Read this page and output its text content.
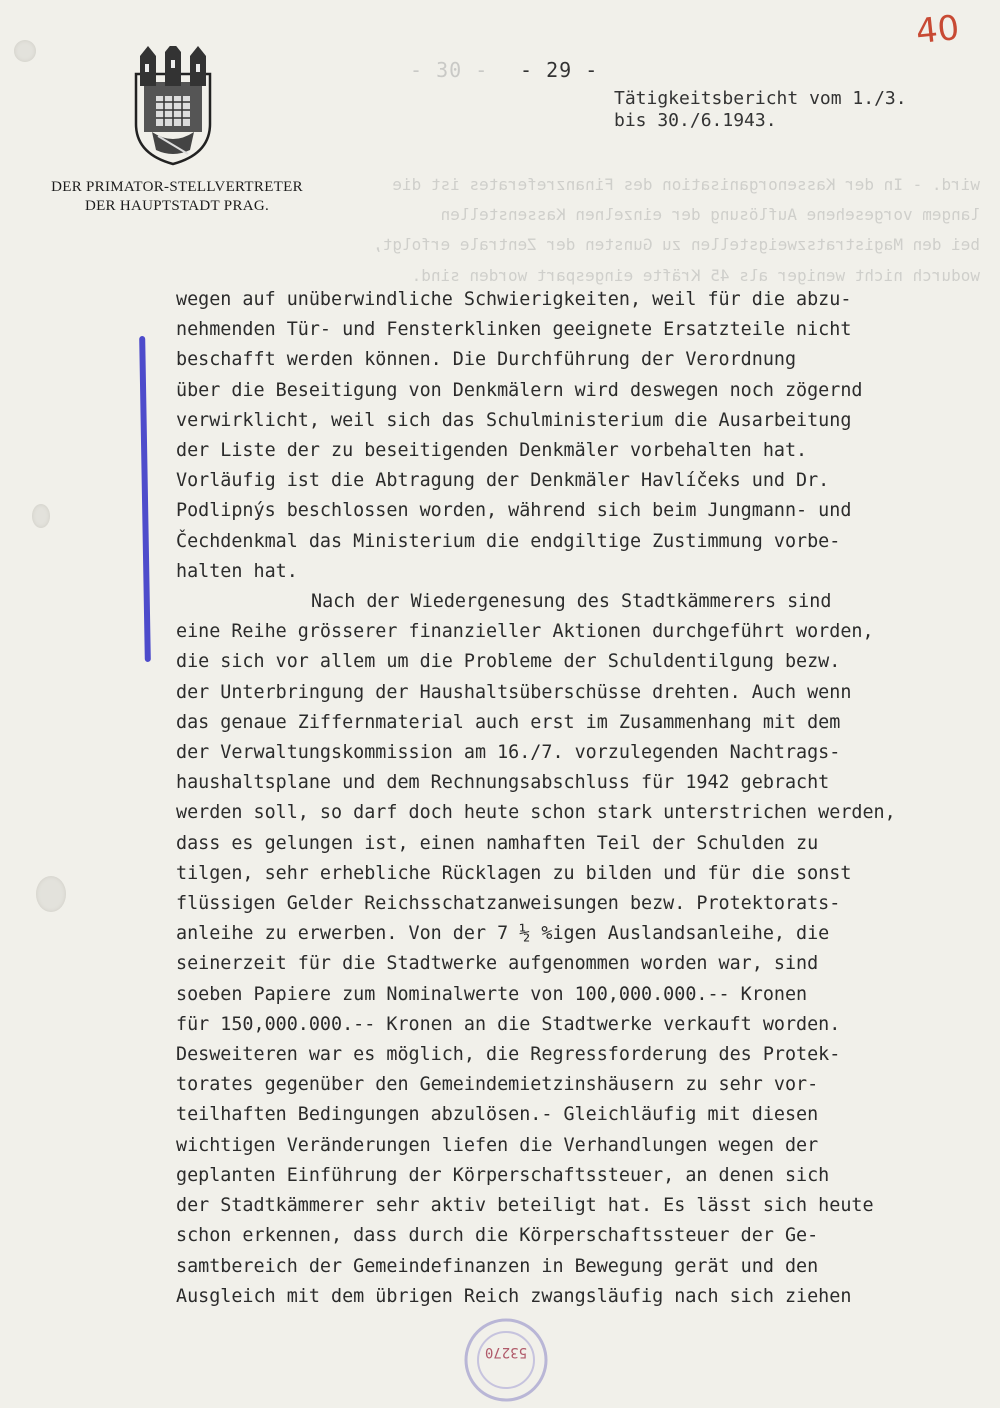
DER PRIMATOR-STELLVERTRETER
DER HAUPTSTADT PRAG.
40
- 30 - - 29 -
Tätigkeitsbericht vom 1./3.
bis 30./6.1943.
wird. - In der Kassenorganisation des Finanzreferates ist die
langem vorgesehene Auflösung der einzelnen Kassenstellen
bei den Magistratszweigstellen zu Gunsten der Zentrale erfolgt,
wodurch nicht weniger als 45 Kräfte eingespart worden sind.
wegen auf unüberwindliche Schwierigkeiten, weil für die abzu-
nehmenden Tür- und Fensterklinken geeignete Ersatzteile nicht
beschafft werden können. Die Durchführung der Verordnung
über die Beseitigung von Denkmälern wird deswegen noch zögernd
verwirklicht, weil sich das Schulministerium die Ausarbeitung
der Liste der zu beseitigenden Denkmäler vorbehalten hat.
Vorläufig ist die Abtragung der Denkmäler Havlíčeks und Dr.
Podlipnýs beschlossen worden, während sich beim Jungmann- und
Čechdenkmal das Ministerium die endgiltige Zustimmung vorbe-
halten hat.
Nach der Wiedergenesung des Stadtkämmerers sind
eine Reihe grösserer finanzieller Aktionen durchgeführt worden,
die sich vor allem um die Probleme der Schuldentilgung bezw.
der Unterbringung der Haushaltsüberschüsse drehten. Auch wenn
das genaue Ziffernmaterial auch erst im Zusammenhang mit dem
der Verwaltungskommission am 16./7. vorzulegenden Nachtrags-
haushaltsplane und dem Rechnungsabschluss für 1942 gebracht
werden soll, so darf doch heute schon stark unterstrichen werden,
dass es gelungen ist, einen namhaften Teil der Schulden zu
tilgen, sehr erhebliche Rücklagen zu bilden und für die sonst
flüssigen Gelder Reichsschatzanweisungen bezw. Protektorats-
anleihe zu erwerben. Von der 7 ½ %igen Auslandsanleihe, die
seinerzeit für die Stadtwerke aufgenommen worden war, sind
soeben Papiere zum Nominalwerte von 100,000.000.-- Kronen
für 150,000.000.-- Kronen an die Stadtwerke verkauft worden.
Desweiteren war es möglich, die Regressforderung des Protek-
torates gegenüber den Gemeindemietzinshäusern zu sehr vor-
teilhaften Bedingungen abzulösen.- Gleichläufig mit diesen
wichtigen Veränderungen liefen die Verhandlungen wegen der
geplanten Einführung der Körperschaftssteuer, an denen sich
der Stadtkämmerer sehr aktiv beteiligt hat. Es lässt sich heute
schon erkennen, dass durch die Körperschaftssteuer der Ge-
samtbereich der Gemeindefinanzen in Bewegung gerät und den
Ausgleich mit dem übrigen Reich zwangsläufig nach sich ziehen
53270
